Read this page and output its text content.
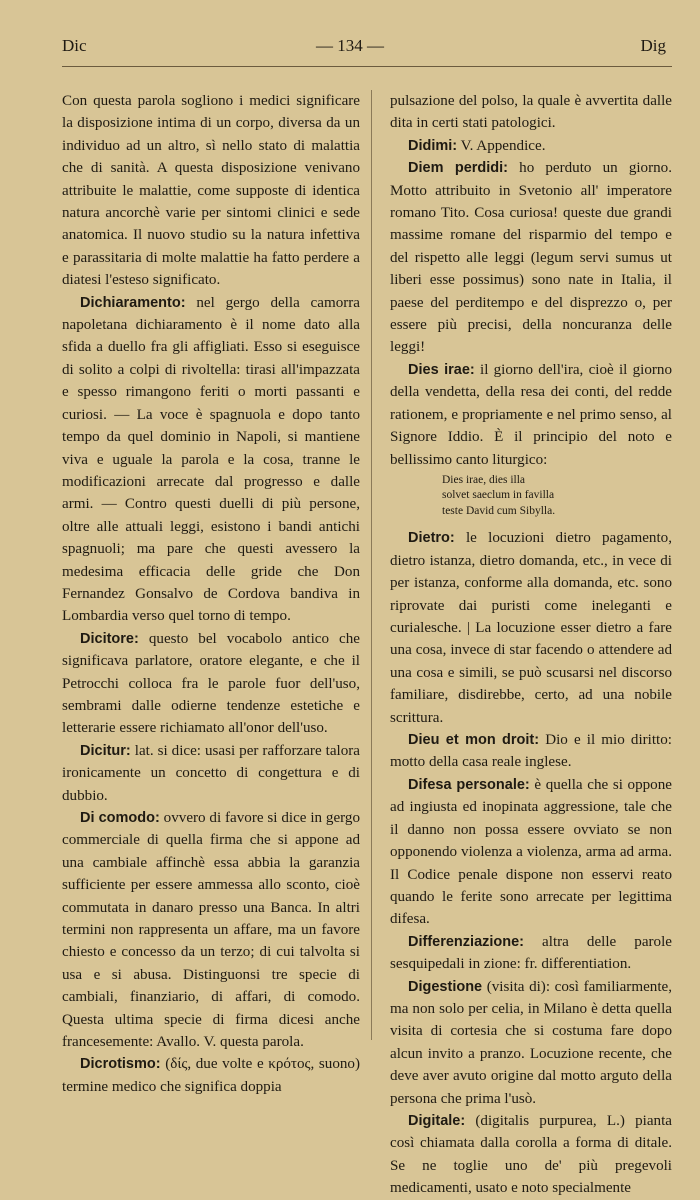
Dic	— 134 —	Dig

Con questa parola sogliono i medici significare la disposizione intima di un corpo, diversa da un individuo ad un altro, sì nello stato di malattia che di sanità. A questa disposizione venivano attribuite le malattie, come supposte di identica natura ancorchè varie per sintomi clinici e sede anatomica. Il nuovo studio su la natura infettiva e parassitaria di molte malattie ha fatto perdere a diatesi l'esteso significato.

Dichiaramento: nel gergo della camorra napoletana dichiaramento è il nome dato alla sfida a duello fra gli affigliati. Esso si eseguisce di solito a colpi di rivoltella: tirasi all'impazzata e spesso rimangono feriti o morti passanti e curiosi. — La voce è spagnuola e dopo tanto tempo da quel dominio in Napoli, si mantiene viva e uguale la parola e la cosa, tranne le modificazioni arrecate dal progresso e dalle armi. — Contro questi duelli di più persone, oltre alle attuali leggi, esistono i bandi antichi spagnuoli; ma pare che questi avessero la medesima efficacia delle gride che Don Fernandez Gonsalvo de Cordova bandiva in Lombardia verso quel torno di tempo.

Dicitore: questo bel vocabolo antico che significava parlatore, oratore elegante, e che il Petrocchi colloca fra le parole fuor dell'uso, sembrami dalle odierne tendenze estetiche e letterarie essere richiamato all'onor dell'uso.

Dicitur: lat. si dice: usasi per rafforzare talora ironicamente un concetto di congettura e di dubbio.

Di comodo: ovvero di favore si dice in gergo commerciale di quella firma che si appone ad una cambiale affinchè essa abbia la garanzia sufficiente per essere ammessa allo sconto, cioè commutata in danaro presso una Banca. In altri termini non rappresenta un affare, ma un favore chiesto e concesso da un terzo; di cui talvolta si usa e si abusa. Distinguonsi tre specie di cambiali, finanziario, di affari, di comodo. Questa ultima specie di firma dicesi anche francesemente: Avallo. V. questa parola.

Dicrotismo: (δίς, due volte e κρότος, suono) termine medico che significa doppia

pulsazione del polso, la quale è avvertita dalle dita in certi stati patologici.

Didimi: V. Appendice.

Diem perdidi: ho perduto un giorno. Motto attribuito in Svetonio all' imperatore romano Tito. Cosa curiosa! queste due grandi massime romane del risparmio del tempo e del rispetto alle leggi (legum servi sumus ut liberi esse possimus) sono nate in Italia, il paese del perditempo e del disprezzo o, per essere più precisi, della noncuranza delle leggi!

Dies irae: il giorno dell'ira, cioè il giorno della vendetta, della resa dei conti, del redde rationem, e propriamente e nel primo senso, al Signore Iddio. È il principio del noto e bellissimo canto liturgico:

Dies irae, dies illa
solvet saeclum in favilla
teste David cum Sibylla.

Dietro: le locuzioni dietro pagamento, dietro istanza, dietro domanda, etc., in vece di per istanza, conforme alla domanda, etc. sono riprovate dai puristi come ineleganti e curialesche. | La locuzione esser dietro a fare una cosa, invece di star facendo o attendere ad una cosa e simili, se può scusarsi nel discorso familiare, disdirebbe, certo, ad una nobile scrittura.

Dieu et mon droit: Dio e il mio diritto: motto della casa reale inglese.

Difesa personale: è quella che si oppone ad ingiusta ed inopinata aggressione, tale che il danno non possa essere ovviato se non opponendo violenza a violenza, arma ad arma. Il Codice penale dispone non esservi reato quando le ferite sono arrecate per legittima difesa.

Differenziazione: altra delle parole sesquipedali in zione: fr. differentiation.

Digestione (visita di): così familiarmente, ma non solo per celia, in Milano è detta quella visita di cortesia che si costuma fare dopo alcun invito a pranzo. Locuzione recente, che deve aver avuto origine dal motto arguto della persona che prima l'usò.

Digitale: (digitalis purpurea, L.) pianta così chiamata dalla corolla a forma di ditale. Se ne toglie uno de' più pregevoli medicamenti, usato e noto specialmente
